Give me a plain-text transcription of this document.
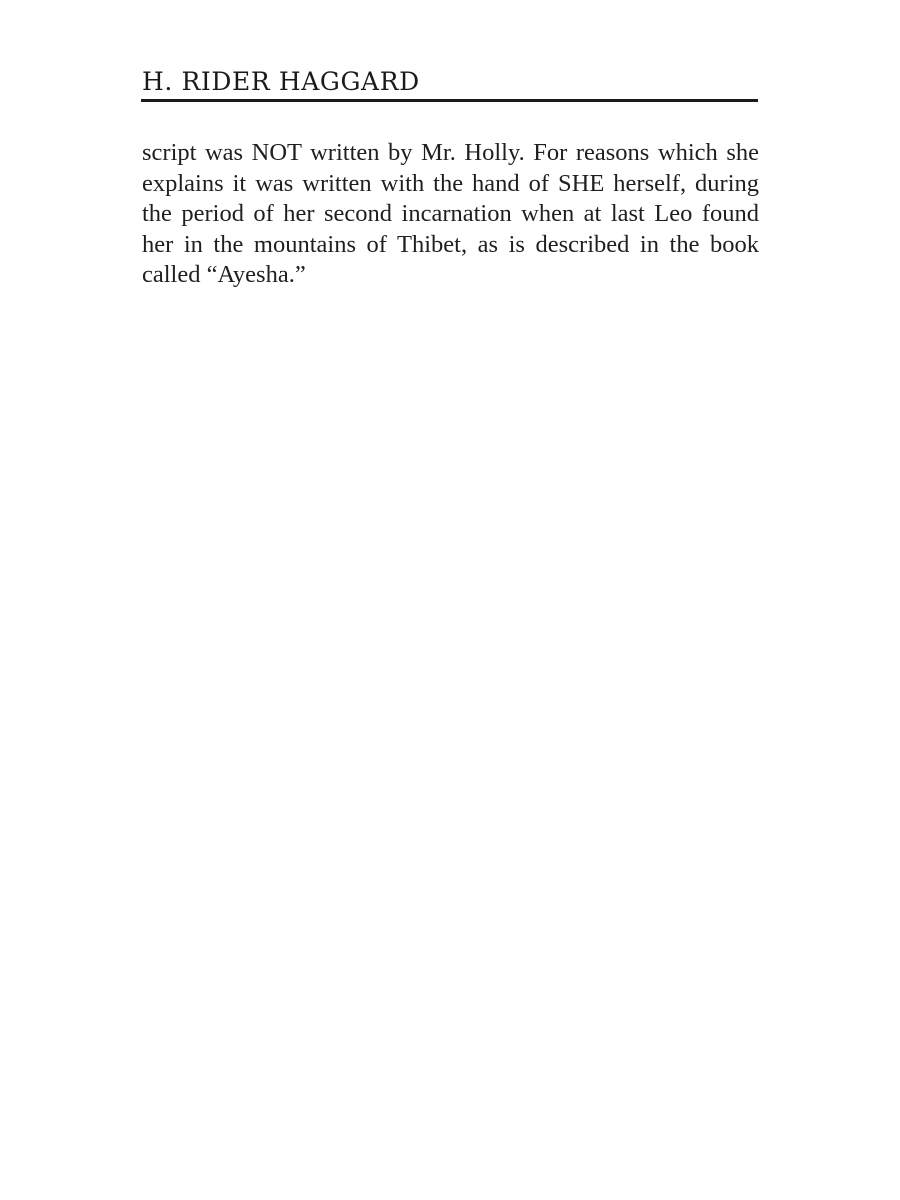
H. RIDER HAGGARD
script was NOT written by Mr. Holly. For reasons which she
explains it was written with the hand of SHE herself, during
the period of her second incarnation when at last Leo found
her in the mountains of Thibet, as is described in the book
called “Ayesha.”
